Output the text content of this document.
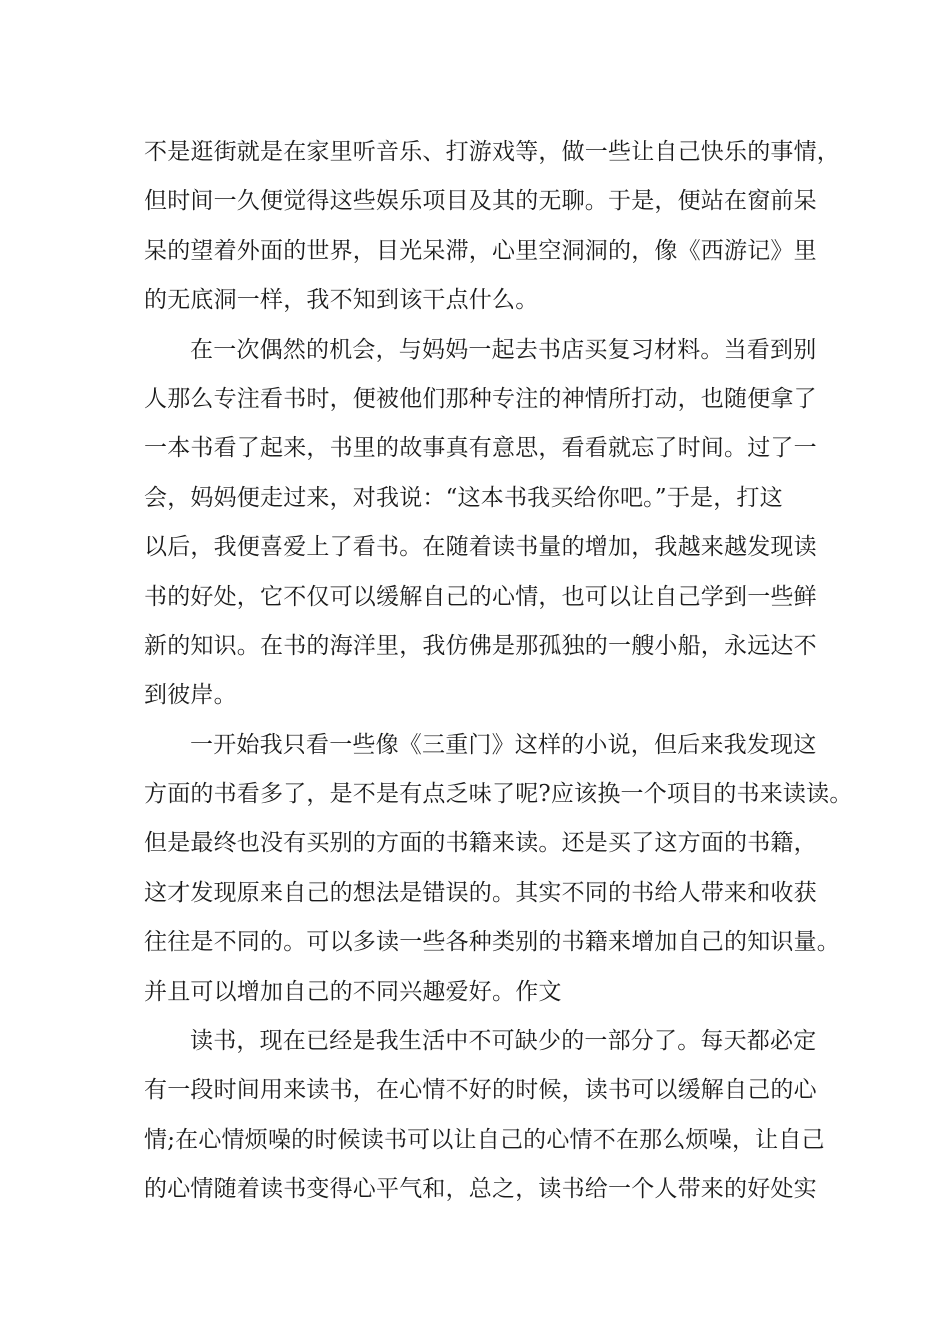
不是逛街就是在家里听音乐、打游戏等，做一些让自己快乐的事情，
但时间一久便觉得这些娱乐项目及其的无聊。于是，便站在窗前呆
呆的望着外面的世界，目光呆滞，心里空洞洞的，像《西游记》里
的无底洞一样，我不知到该干点什么。
在一次偶然的机会，与妈妈一起去书店买复习材料。当看到别
人那么专注看书时，便被他们那种专注的神情所打动，也随便拿了
一本书看了起来，书里的故事真有意思，看看就忘了时间。过了一
会，妈妈便走过来，对我说：“这本书我买给你吧。”于是，打这
以后，我便喜爱上了看书。在随着读书量的增加，我越来越发现读
书的好处，它不仅可以缓解自己的心情，也可以让自己学到一些鲜
新的知识。在书的海洋里，我仿佛是那孤独的一艘小船，永远达不
到彼岸。
一开始我只看一些像《三重门》这样的小说，但后来我发现这
方面的书看多了，是不是有点乏味了呢?应该换一个项目的书来读读。
但是最终也没有买别的方面的书籍来读。还是买了这方面的书籍，
这才发现原来自己的想法是错误的。其实不同的书给人带来和收获
往往是不同的。可以多读一些各种类别的书籍来增加自己的知识量。
并且可以增加自己的不同兴趣爱好。作文
读书，现在已经是我生活中不可缺少的一部分了。每天都必定
有一段时间用来读书，在心情不好的时候，读书可以缓解自己的心
情;在心情烦噪的时候读书可以让自己的心情不在那么烦噪，让自己
的心情随着读书变得心平气和，总之，读书给一个人带来的好处实
